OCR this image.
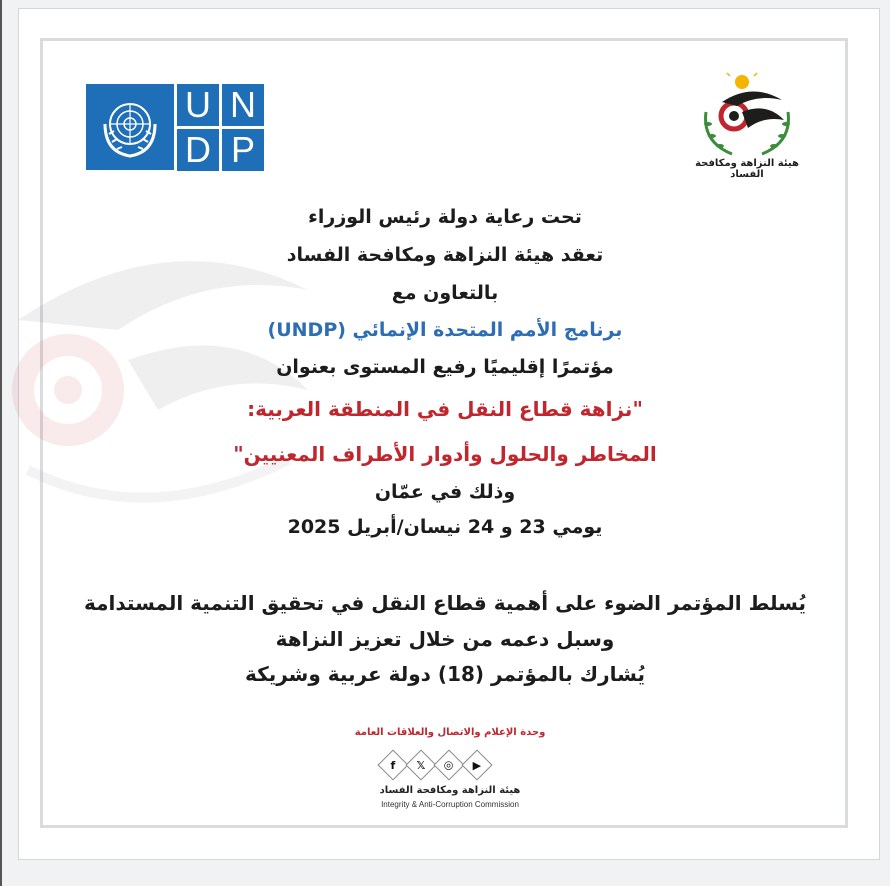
U N
D P	هيئة النزاهة ومكافحة الفساد
تحت رعاية دولة رئيس الوزراء
تعقد هيئة النزاهة ومكافحة الفساد
بالتعاون مع
برنامج الأمم المتحدة الإنمائي (UNDP)
مؤتمرًا إقليميًا رفيع المستوى بعنوان
"نزاهة قطاع النقل في المنطقة العربية:
المخاطر والحلول وأدوار الأطراف المعنيين"
وذلك في عمّان
يومي 23 و 24 نيسان/أبريل 2025
يُسلط المؤتمر الضوء على أهمية قطاع النقل في تحقيق التنمية المستدامة
وسبل دعمه من خلال تعزيز النزاهة
يُشارك بالمؤتمر (18) دولة عربية وشريكة
وحدة الإعلام والاتصال والعلاقات العامة
f 𝕏 ◎ ▶
هيئة النزاهة ومكافحة الفساد
Integrity & Anti-Corruption Commission
